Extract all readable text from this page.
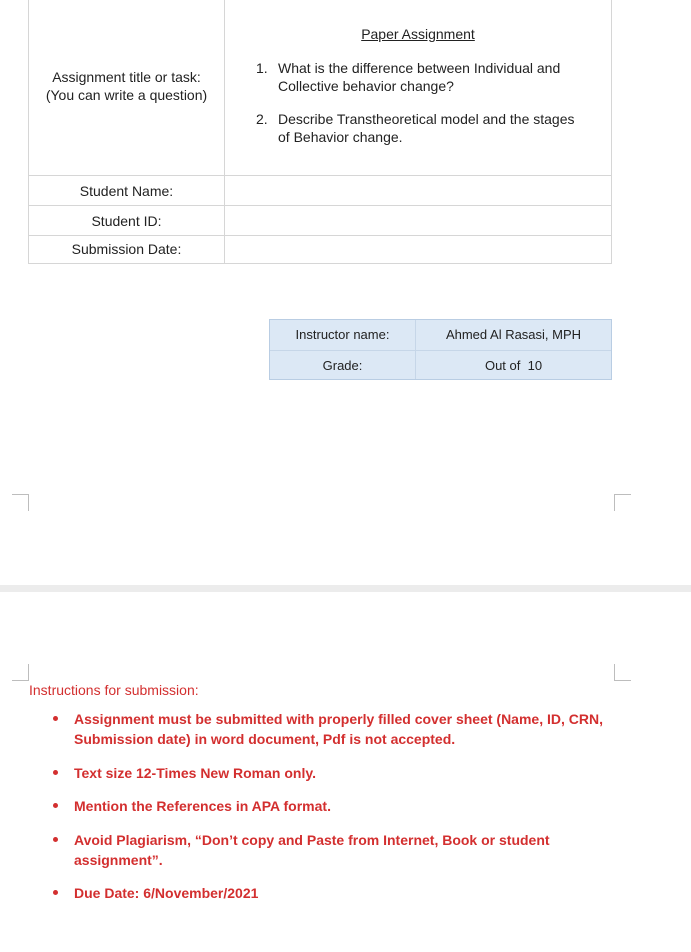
Assignment title or task:
(You can write a question)
Paper Assignment
1. What is the difference between Individual and
Collective behavior change?
2. Describe Transtheoretical model and the stages
of Behavior change.
Student Name:
Student ID:
Submission Date:
Instructor name:	Ahmed Al Rasasi, MPH
Grade:	Out of  10
Instructions for submission:
Assignment must be submitted with properly filled cover sheet (Name, ID, CRN,
Submission date) in word document, Pdf is not accepted.
Text size 12-Times New Roman only.
Mention the References in APA format.
Avoid Plagiarism, “Don’t copy and Paste from Internet, Book or student
assignment”.
Due Date: 6/November/2021
